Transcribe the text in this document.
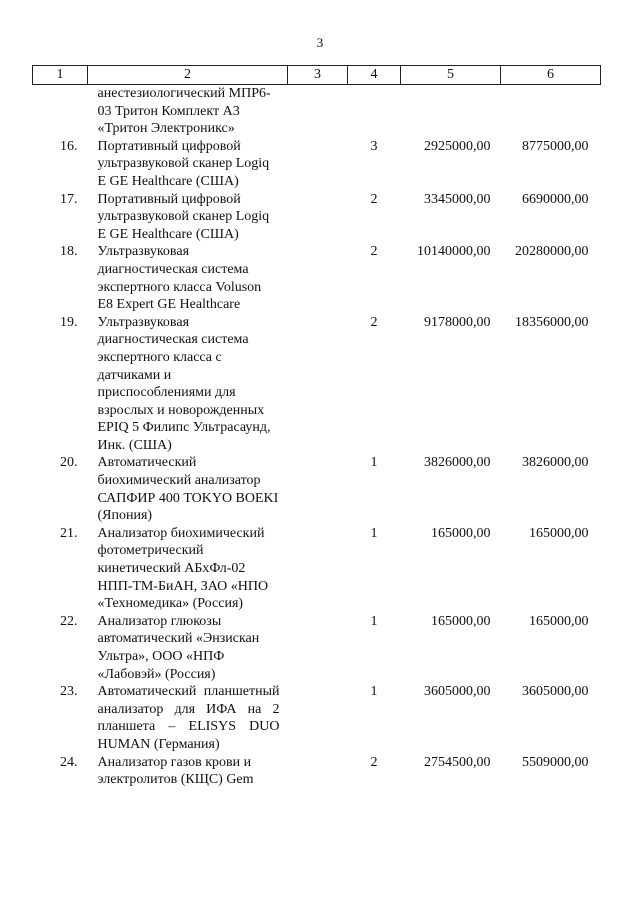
3
1	2	3	4	5	6
	анестезиологический МПР6-03 Тритон Комплект А3 «Тритон Электроникс»				
16.	Портативный цифровой ультразвуковой сканер Logiq E GE Healthcare (США)		3	2925000,00	8775000,00
17.	Портативный цифровой ультразвуковой сканер Logiq E GE Healthcare (США)		2	3345000,00	6690000,00
18.	Ультразвуковая диагностическая система экспертного класса Voluson E8 Expert GE Healthcare		2	10140000,00	20280000,00
19.	Ультразвуковая диагностическая система экспертного класса с датчиками и приспособлениями для взрослых и новорожденных EPIQ 5 Филипс Ультрасаунд, Инк. (США)		2	9178000,00	18356000,00
20.	Автоматический биохимический анализатор САПФИР 400 TOKYO BOEKI (Япония)		1	3826000,00	3826000,00
21.	Анализатор биохимический фотометрический кинетический АБхФл-02 НПП-ТМ-БиАН, ЗАО «НПО «Техномедика» (Россия)		1	165000,00	165000,00
22.	Анализатор глюкозы автоматический «Энзискан Ультра», ООО «НПФ «Лабовэй» (Россия)		1	165000,00	165000,00
23.	Автоматический планшетный анализатор для ИФА на 2 планшета – ELISYS DUO HUMAN (Германия)		1	3605000,00	3605000,00
24.	Анализатор газов крови и электролитов (КЩС) Gem		2	2754500,00	5509000,00
